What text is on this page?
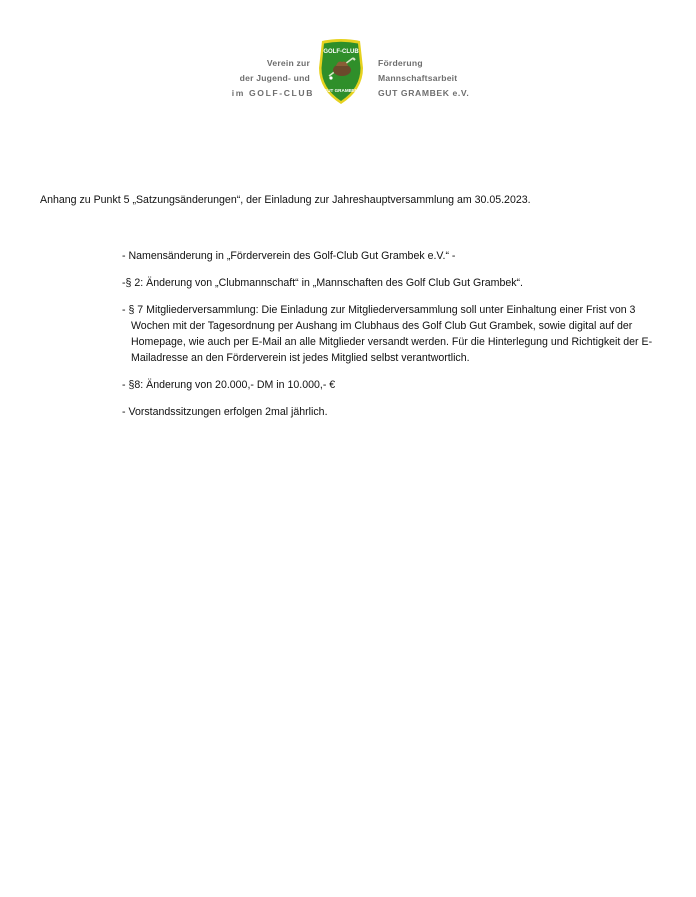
Verein zur
der Jugend- und
im GOLF-CLUB
GOLF-CLUB
GUT GRAMBEK
Förderung
Mannschaftsarbeit
GUT GRAMBEK e.V.
Anhang zu Punkt 5 „Satzungsänderungen“, der Einladung zur Jahreshauptversammlung am 30.05.2023.
- Namensänderung in „Förderverein des Golf-Club Gut Grambek e.V.“ -
-§ 2: Änderung von „Clubmannschaft“ in „Mannschaften des Golf Club Gut Grambek“.
- § 7 Mitgliederversammlung: Die Einladung zur Mitgliederversammlung soll unter Einhaltung einer Frist von 3 Wochen mit der Tagesordnung per Aushang im Clubhaus des Golf Club Gut Grambek, sowie digital auf der Homepage, wie auch per E-Mail an alle Mitglieder versandt werden. Für die Hinterlegung und Richtigkeit der E-Mailadresse an den Förderverein ist jedes Mitglied selbst verantwortlich.
- §8: Änderung von 20.000,- DM in 10.000,- €
- Vorstandssitzungen erfolgen 2mal jährlich.
